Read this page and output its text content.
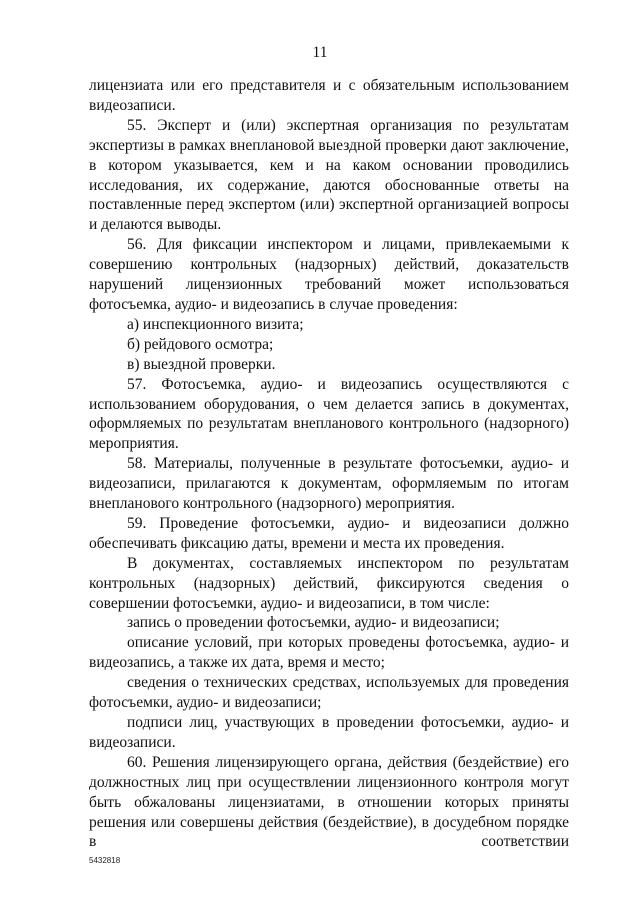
11

лицензиата или его представителя и с обязательным использованием видеозаписи.

55. Эксперт и (или) экспертная организация по результатам экспертизы в рамках внеплановой выездной проверки дают заключение, в котором указывается, кем и на каком основании проводились исследования, их содержание, даются обоснованные ответы на поставленные перед экспертом (или) экспертной организацией вопросы и делаются выводы.

56. Для фиксации инспектором и лицами, привлекаемыми к совершению контрольных (надзорных) действий, доказательств нарушений лицензионных требований может использоваться фотосъемка, аудио- и видеозапись в случае проведения:

а) инспекционного визита;

б) рейдового осмотра;

в) выездной проверки.

57. Фотосъемка, аудио- и видеозапись осуществляются с использованием оборудования, о чем делается запись в документах, оформляемых по результатам внепланового контрольного (надзорного) мероприятия.

58. Материалы, полученные в результате фотосъемки, аудио- и видеозаписи, прилагаются к документам, оформляемым по итогам внепланового контрольного (надзорного) мероприятия.

59. Проведение фотосъемки, аудио- и видеозаписи должно обеспечивать фиксацию даты, времени и места их проведения.

В документах, составляемых инспектором по результатам контрольных (надзорных) действий, фиксируются сведения о совершении фотосъемки, аудио- и видеозаписи, в том числе:

запись о проведении фотосъемки, аудио- и видеозаписи;

описание условий, при которых проведены фотосъемка, аудио- и видеозапись, а также их дата, время и место;

сведения о технических средствах, используемых для проведения фотосъемки, аудио- и видеозаписи;

подписи лиц, участвующих в проведении фотосъемки, аудио- и видеозаписи.

60. Решения лицензирующего органа, действия (бездействие) его должностных лиц при осуществлении лицензионного контроля могут быть обжалованы лицензиатами, в отношении которых приняты решения или совершены действия (бездействие), в досудебном порядке в соответствии

5432818
